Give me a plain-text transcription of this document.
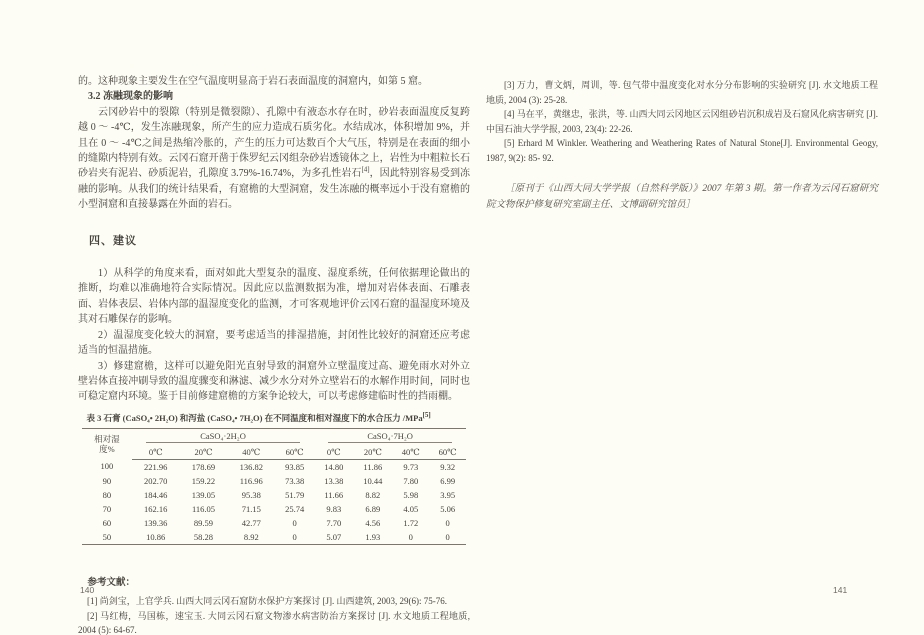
的。这种现象主要发生在空气温度明显高于岩石表面温度的洞窟内，如第 5 窟。

3.2 冻融现象的影响

云冈砂岩中的裂隙（特别是微裂隙）、孔隙中有液态水存在时，砂岩表面温度反复跨越 0 ～ -4℃，发生冻融现象，所产生的应力造成石质劣化。水结成冰，体积增加 9%，并且在 0 ～ -4℃之间是热缩冷胀的，产生的压力可达数百个大气压，特别是在表面的细小的缝隙内特别有效。云冈石窟开凿于侏罗纪云冈组杂砂岩透镜体之上，岩性为中粗粒长石砂岩夹有泥岩、砂质泥岩，孔隙度 3.79%-16.74%，为多孔性岩石[4]，因此特别容易受到冻融的影响。从我们的统计结果看，有窟檐的大型洞窟，发生冻融的概率远小于没有窟檐的小型洞窟和直接暴露在外面的岩石。

四、建议

1）从科学的角度来看，面对如此大型复杂的温度、湿度系统，任何依据理论做出的推断，均难以准确地符合实际情况。因此应以监测数据为准，增加对岩体表面、石雕表面、岩体表层、岩体内部的温湿度变化的监测，才可客观地评价云冈石窟的温湿度环境及其对石雕保存的影响。

2）温湿度变化较大的洞窟，要考虑适当的排湿措施，封闭性比较好的洞窟还应考虑适当的恒温措施。

3）修建窟檐，这样可以避免阳光直射导致的洞窟外立壁温度过高、避免雨水对外立壁岩体直接冲刷导致的温度骤变和淋滤、减少水分对外立壁岩石的水解作用时间，同时也可稳定窟内环境。鉴于目前修建窟檐的方案争论较大，可以考虑修建临时性的挡雨棚。

表 3 石膏 (CaSO₄• 2H₂O) 和泻盐 (CaSO₄• 7H₂O) 在不同温度和相对湿度下的水合压力 /MPa[5]

相对湿
度%	CaSO₄·2H₂O				CaSO₄·7H₂O			

	0℃	20℃	40℃	60℃	0℃	20℃	40℃	60℃
100	221.96	178.69	136.82	93.85	14.80	11.86	9.73	9.32
90	202.70	159.22	116.96	73.38	13.38	10.44	7.80	6.99
80	184.46	139.05	95.38	51.79	11.66	8.82	5.98	3.95
70	162.16	116.05	71.15	25.74	9.83	6.89	4.05	5.06
60	139.36	89.59	42.77	0	7.70	4.56	1.72	0
50	10.86	58.28	8.92	0	5.07	1.93	0	0

参考文献：

[1] 尚剑宝，上官学兵. 山西大同云冈石窟防水保护方案探讨 [J]. 山西建筑, 2003, 29(6): 75-76.

[2] 马红梅，马国栋，速宝玉. 大同云冈石窟文物渗水病害防治方案探讨 [J]. 水文地质工程地质, 2004 (5): 64-67.

[3] 万力，曹文炳，周训，等. 包气带中温度变化对水分分布影响的实验研究 [J]. 水文地质工程地质, 2004 (3): 25-28.

[4] 马在平，黄继忠，张洪，等. 山西大同云冈地区云冈组砂岩沉积成岩及石窟风化病害研究 [J]. 中国石油大学学报, 2003, 23(4): 22-26.

[5] Erhard M Winkler. Weathering and Weathering Rates of Natural Stone[J]. Environmental Geogy, 1987, 9(2): 85- 92.

［原刊于《山西大同大学学报（自然科学版）》2007 年第 3 期。第一作者为云冈石窟研究院文物保护修复研究室副主任、文博副研究馆员］

140	141
